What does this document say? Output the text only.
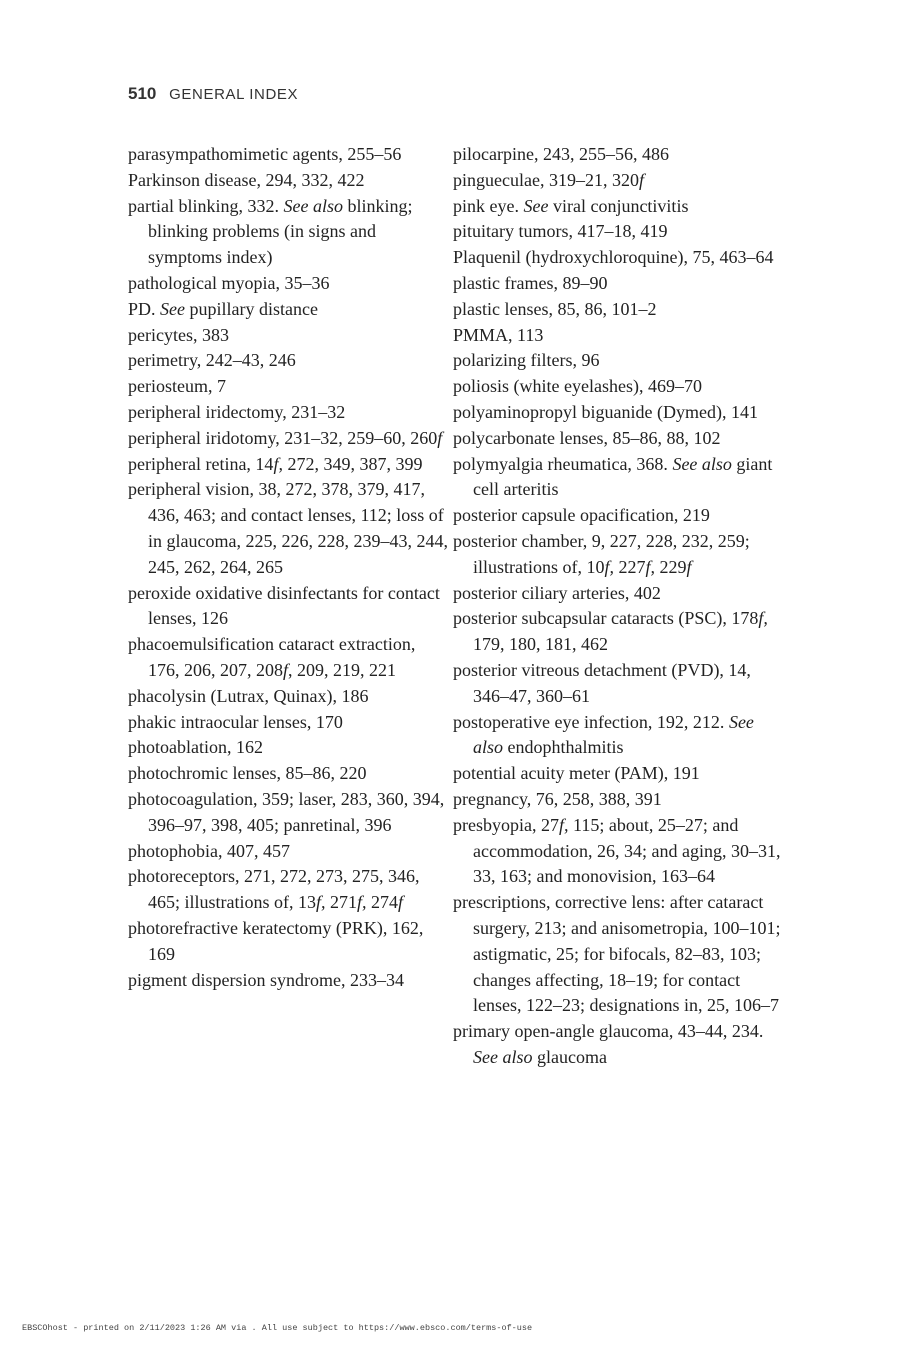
510 GENERAL INDEX

parasympathomimetic agents, 255–56

Parkinson disease, 294, 332, 422

partial blinking, 332. See also blinking; blinking problems (in signs and symptoms index)

pathological myopia, 35–36

PD. See pupillary distance

pericytes, 383

perimetry, 242–43, 246

periosteum, 7

peripheral iridectomy, 231–32

peripheral iridotomy, 231–32, 259–60, 260f

peripheral retina, 14f, 272, 349, 387, 399

peripheral vision, 38, 272, 378, 379, 417, 436, 463; and contact lenses, 112; loss of in glaucoma, 225, 226, 228, 239–43, 244, 245, 262, 264, 265

peroxide oxidative disinfectants for contact lenses, 126

phacoemulsification cataract extraction, 176, 206, 207, 208f, 209, 219, 221

phacolysin (Lutrax, Quinax), 186

phakic intraocular lenses, 170

photoablation, 162

photochromic lenses, 85–86, 220

photocoagulation, 359; laser, 283, 360, 394, 396–97, 398, 405; panretinal, 396

photophobia, 407, 457

photoreceptors, 271, 272, 273, 275, 346, 465; illustrations of, 13f, 271f, 274f

photorefractive keratectomy (PRK), 162, 169

pigment dispersion syndrome, 233–34

pilocarpine, 243, 255–56, 486

pingueculae, 319–21, 320f

pink eye. See viral conjunctivitis

pituitary tumors, 417–18, 419

Plaquenil (hydroxychloroquine), 75, 463–64

plastic frames, 89–90

plastic lenses, 85, 86, 101–2

PMMA, 113

polarizing filters, 96

poliosis (white eyelashes), 469–70

polyaminopropyl biguanide (Dymed), 141

polycarbonate lenses, 85–86, 88, 102

polymyalgia rheumatica, 368. See also giant cell arteritis

posterior capsule opacification, 219

posterior chamber, 9, 227, 228, 232, 259; illustrations of, 10f, 227f, 229f

posterior ciliary arteries, 402

posterior subcapsular cataracts (PSC), 178f, 179, 180, 181, 462

posterior vitreous detachment (PVD), 14, 346–47, 360–61

postoperative eye infection, 192, 212. See also endophthalmitis

potential acuity meter (PAM), 191

pregnancy, 76, 258, 388, 391

presbyopia, 27f, 115; about, 25–27; and accommodation, 26, 34; and aging, 30–31, 33, 163; and monovision, 163–64

prescriptions, corrective lens: after cataract surgery, 213; and anisometropia, 100–101; astigmatic, 25; for bifocals, 82–83, 103; changes affecting, 18–19; for contact lenses, 122–23; designations in, 25, 106–7

primary open-angle glaucoma, 43–44, 234. See also glaucoma

EBSCOhost - printed on 2/11/2023 1:26 AM via . All use subject to https://www.ebsco.com/terms-of-use
